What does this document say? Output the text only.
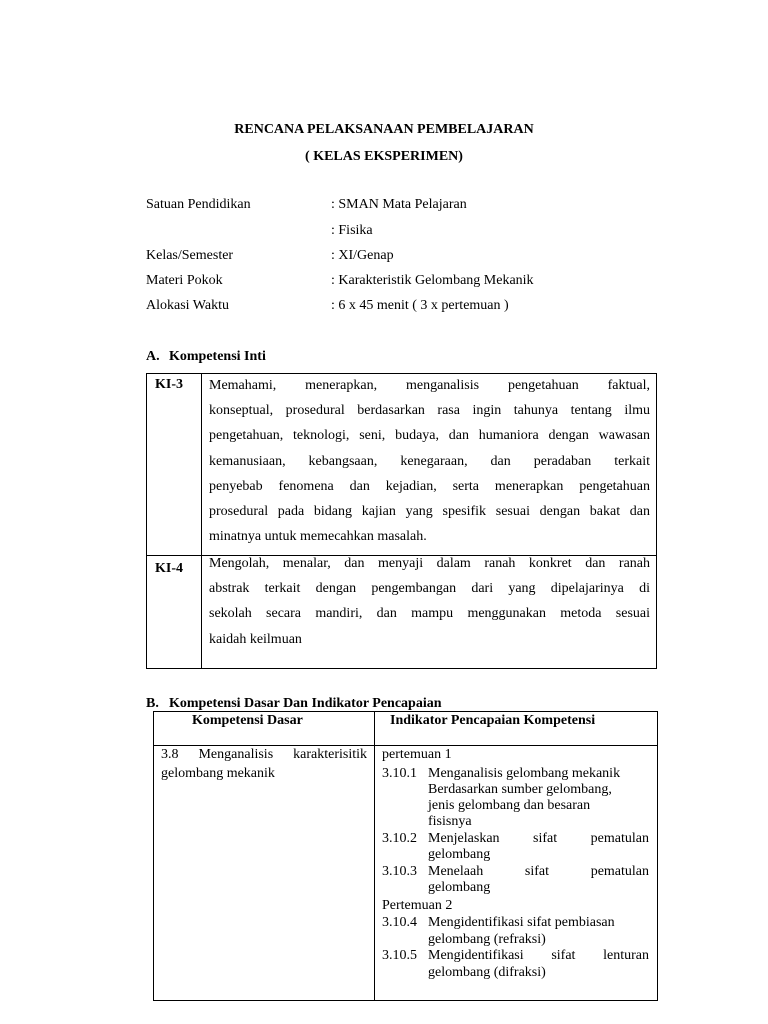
RENCANA PELAKSANAAN PEMBELAJARAN
( KELAS EKSPERIMEN)
Satuan Pendidikan	: SMAN Mata Pelajaran
: Fisika
Kelas/Semester	: XI/Genap
Materi Pokok	: Karakteristik Gelombang Mekanik
Alokasi Waktu	: 6 x 45 menit ( 3 x pertemuan )
A. Kompetensi Inti
KI-3 Memahami, menerapkan, menganalisis pengetahuan faktual,
konseptual, prosedural berdasarkan rasa ingin tahunya tentang ilmu
pengetahuan, teknologi, seni, budaya, dan humaniora dengan wawasan
kemanusiaan, kebangsaan, kenegaraan, dan peradaban terkait
penyebab fenomena dan kejadian, serta menerapkan pengetahuan
prosedural pada bidang kajian yang spesifik sesuai dengan bakat dan
minatnya untuk memecahkan masalah.
KI-4 Mengolah, menalar, dan menyaji dalam ranah konkret dan ranah
abstrak terkait dengan pengembangan dari yang dipelajarinya di
sekolah secara mandiri, dan mampu menggunakan metoda sesuai
kaidah keilmuan
B. Kompetensi Dasar Dan Indikator Pencapaian
Kompetensi Dasar	Indikator Pencapaian Kompetensi
3.8 Menganalisis karakterisitik
gelombang mekanik
pertemuan 1
3.10.1 Menganalisis gelombang mekanik
Berdasarkan sumber gelombang,
jenis gelombang dan besaran
fisisnya
3.10.2 Menjelaskan sifat pematulan
gelombang
3.10.3 Menelaah sifat pematulan
gelombang
Pertemuan 2
3.10.4 Mengidentifikasi sifat pembiasan
gelombang (refraksi)
3.10.5 Mengidentifikasi sifat lenturan
gelombang (difraksi)
